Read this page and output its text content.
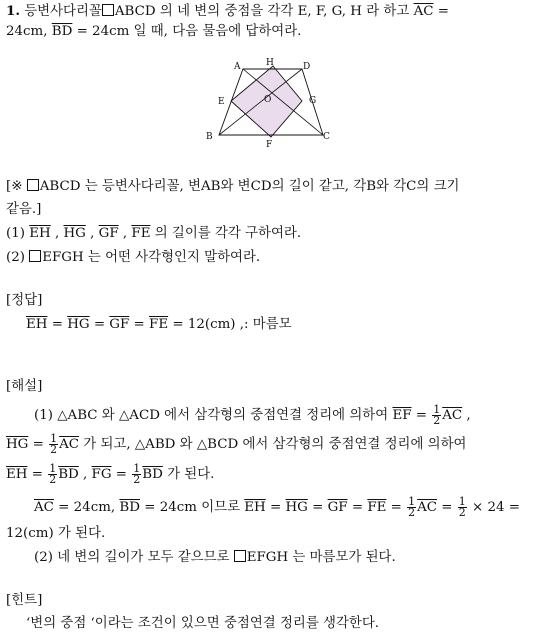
1. 등변사다리꼴 ABCD 의 네 변의 중점을 각각 E, F, G, H 라 하고 $\overline{AC}$ =
24cm, $\overline{BD} = 24cm$ 일 때, 다음 물음에 답하여라.
A	H	D
E	O	G
B
F
C
[※ ABCD 는 등변사다리꼴, 변AB와 변CD의 길이 같고, 각B와 각C의 크기
같음.]
(1) $\overline{EH}$ , $\overline{HG}$ , $\overline{GF}$ , $\overline{FE}$ 의 길이를 각각 구하여라.
(2) EFGH 는 어떤 사각형인지 말하여라.
[정답]
$\overline{EH} = \overline{HG} = \overline{GF} = \overline{FE} = 12(cm)$ ,: 마름모
[해설]
(1) △ABC 와 △ACD 에서 삼각형의 중점연결 정리에 의하여 $\overline{EF} = \frac{1}{2} \overline{AC}$ ,
$\overline{HG} = \frac{1}{2} \overline{AC}$ 가 되고, △ABD 와 △BCD 에서 삼각형의 중점연결 정리에 의하여
$\overline{EH} = \frac{1}{2} \overline{BD}$ , $\overline{FG} = \frac{1}{2} \overline{BD}$ 가 된다.
$\overline{AC} = 24cm$, $\overline{BD} = 24cm$ 이므로 $\overline{EH} = \overline{HG} = \overline{GF} = \overline{FE} = \frac{1}{2} \overline{AC} = \frac{1}{2} \times 24$ =
12(cm) 가 된다.
(2) 네 변의 길이가 모두 같으므로 EFGH 는 마름모가 된다.
[힌트]
‘변의 중점 ‘이라는 조건이 있으면 중점연결 정리를 생각한다.
